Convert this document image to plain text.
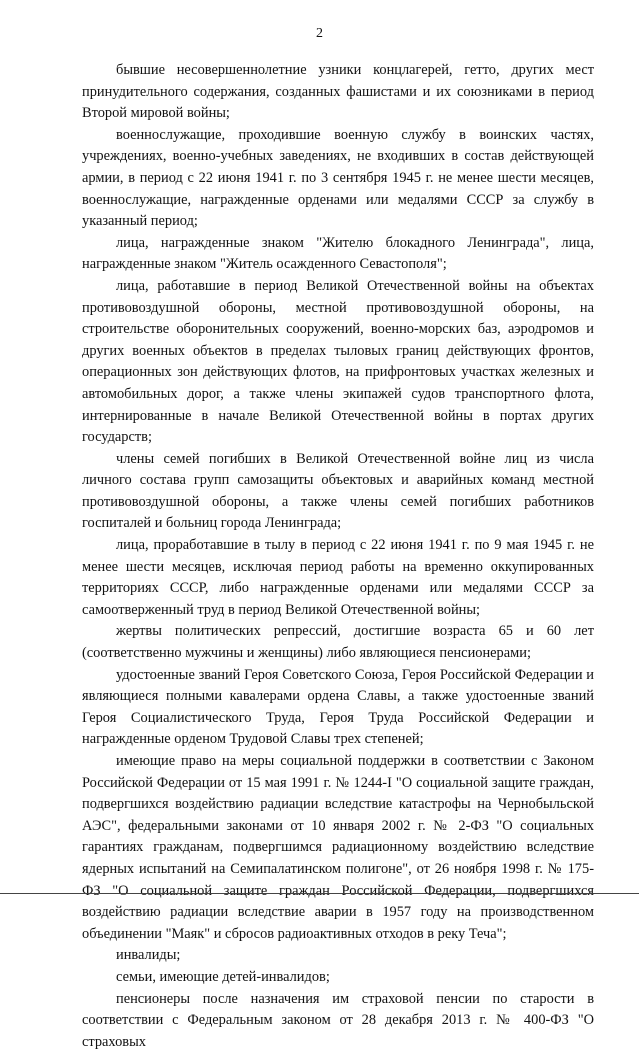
2

бывшие несовершеннолетние узники концлагерей, гетто, других мест принудительного содержания, созданных фашистами и их союзниками в период Второй мировой войны;

военнослужащие, проходившие военную службу в воинских частях, учреждениях, военно-учебных заведениях, не входивших в состав действующей армии, в период с 22 июня 1941 г. по 3 сентября 1945 г. не менее шести месяцев, военнослужащие, награжденные орденами или медалями СССР за службу в указанный период;

лица, награжденные знаком "Жителю блокадного Ленинграда", лица, награжденные знаком "Житель осажденного Севастополя";

лица, работавшие в период Великой Отечественной войны на объектах противовоздушной обороны, местной противовоздушной обороны, на строительстве оборонительных сооружений, военно-морских баз, аэродромов и других военных объектов в пределах тыловых границ действующих фронтов, операционных зон действующих флотов, на прифронтовых участках железных и автомобильных дорог, а также члены экипажей судов транспортного флота, интернированные в начале Великой Отечественной войны в портах других государств;

члены семей погибших в Великой Отечественной войне лиц из числа личного состава групп самозащиты объектовых и аварийных команд местной противовоздушной обороны, а также члены семей погибших работников госпиталей и больниц города Ленинграда;

лица, проработавшие в тылу в период с 22 июня 1941 г. по 9 мая 1945 г. не менее шести месяцев, исключая период работы на временно оккупированных территориях СССР, либо награжденные орденами или медалями СССР за самоотверженный труд в период Великой Отечественной войны;

жертвы политических репрессий, достигшие возраста 65 и 60 лет (соответственно мужчины и женщины) либо являющиеся пенсионерами;

удостоенные званий Героя Советского Союза, Героя Российской Федерации и являющиеся полными кавалерами ордена Славы, а также удостоенные званий Героя Социалистического Труда, Героя Труда Российской Федерации и награжденные орденом Трудовой Славы трех степеней;

имеющие право на меры социальной поддержки в соответствии с Законом Российской Федерации от 15 мая 1991 г. № 1244-I "О социальной защите граждан, подвергшихся воздействию радиации вследствие катастрофы на Чернобыльской АЭС", федеральными законами от 10 января 2002 г. № 2-ФЗ "О социальных гарантиях гражданам, подвергшимся радиационному воздействию вследствие ядерных испытаний на Семипалатинском полигоне", от 26 ноября 1998 г. № 175-ФЗ "О социальной защите граждан Российской Федерации, подвергшихся воздействию радиации вследствие аварии в 1957 году на производственном объединении "Маяк" и сбросов радиоактивных отходов в реку Теча";

инвалиды;

семьи, имеющие детей-инвалидов;

пенсионеры после назначения им страховой пенсии по старости в соответствии с Федеральным законом от 28 декабря 2013 г. № 400-ФЗ "О страховых
